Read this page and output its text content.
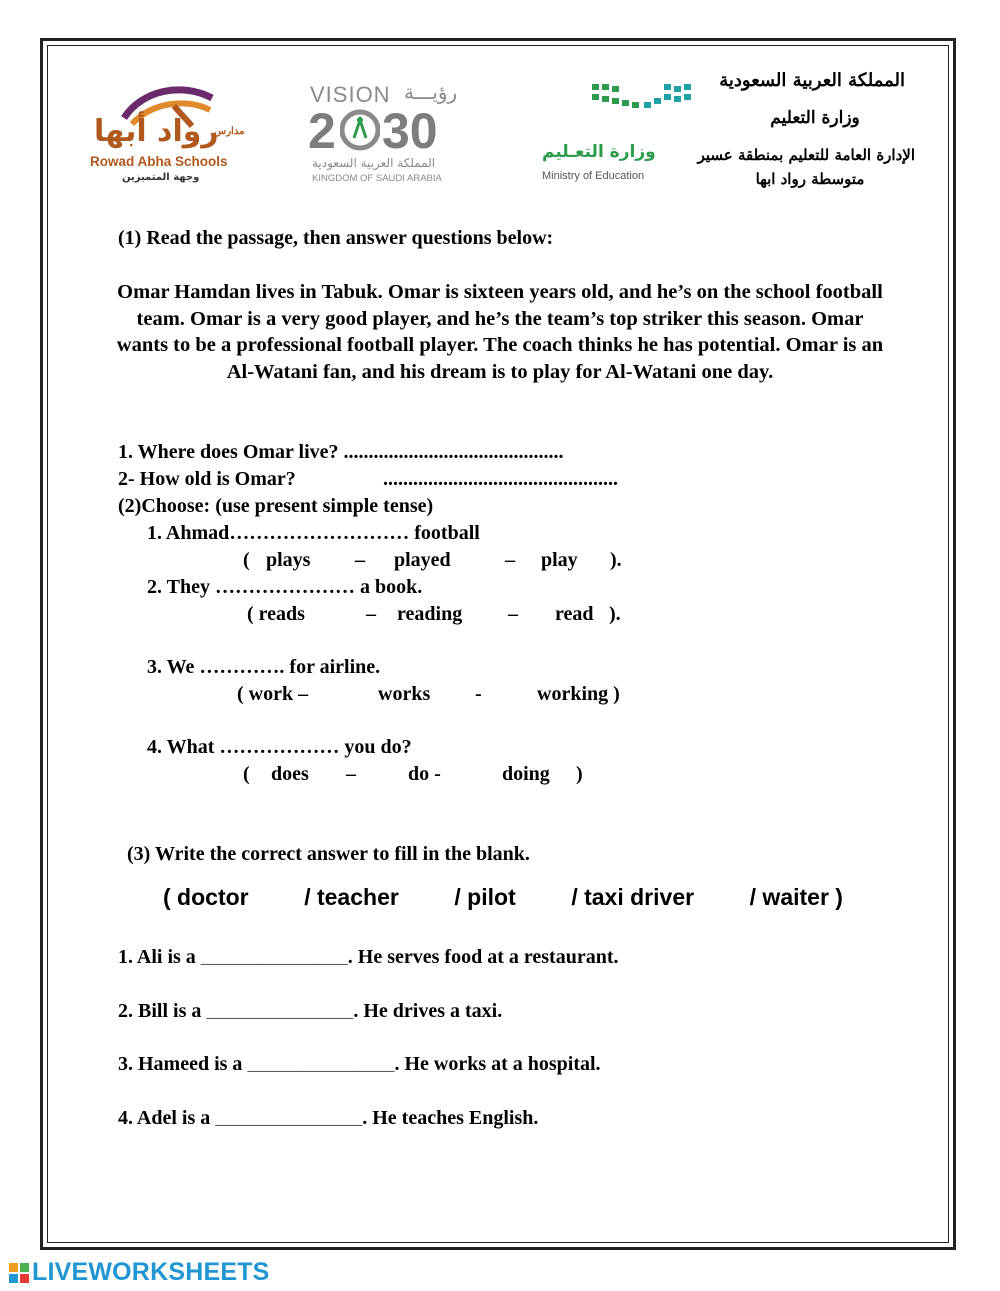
مدارس
رواد أبها
Rowad Abha Schools
وجهة المتميزين
VISION رؤيـــة
2 30
المملكة العربية السعودية
KINGDOM OF SAUDI ARABIA
وزارة التعـليم
Ministry of Education
المملكة العربية السعودية
وزارة التعليم
الإدارة العامة للتعليم بمنطقة عسير
متوسطة رواد ابها
(1) Read the passage, then answer questions below:
Omar Hamdan lives in Tabuk. Omar is sixteen years old, and he’s on the school football team. Omar is a very good player, and he’s the team’s top striker this season. Omar wants to be a professional football player. The coach thinks he has potential. Omar is an Al-Watani fan, and his dream is to play for Al-Watani one day.
1. Where does Omar live? ............................................
2- How old is Omar?	...............................................
(2)Choose: (use present simple tense)
1. Ahmad……………………… football
( plays – played	– play ).
2. They ………………… a book.
( reads	– reading – read ).
3. We …………. for airline.
( work –	works -	working )
4. What ……………… you do?
( does –	do -	doing )
(3) Write the correct answer to fill in the blank.
( doctor / teacher / pilot / taxi driver / waiter )
1. Ali is a _____________________. He serves food at a restaurant.
2. Bill is a _____________________. He drives a taxi.
3. Hameed is a _____________________. He works at a hospital.
4. Adel is a _____________________. He teaches English.
LIVEWORKSHEETS
